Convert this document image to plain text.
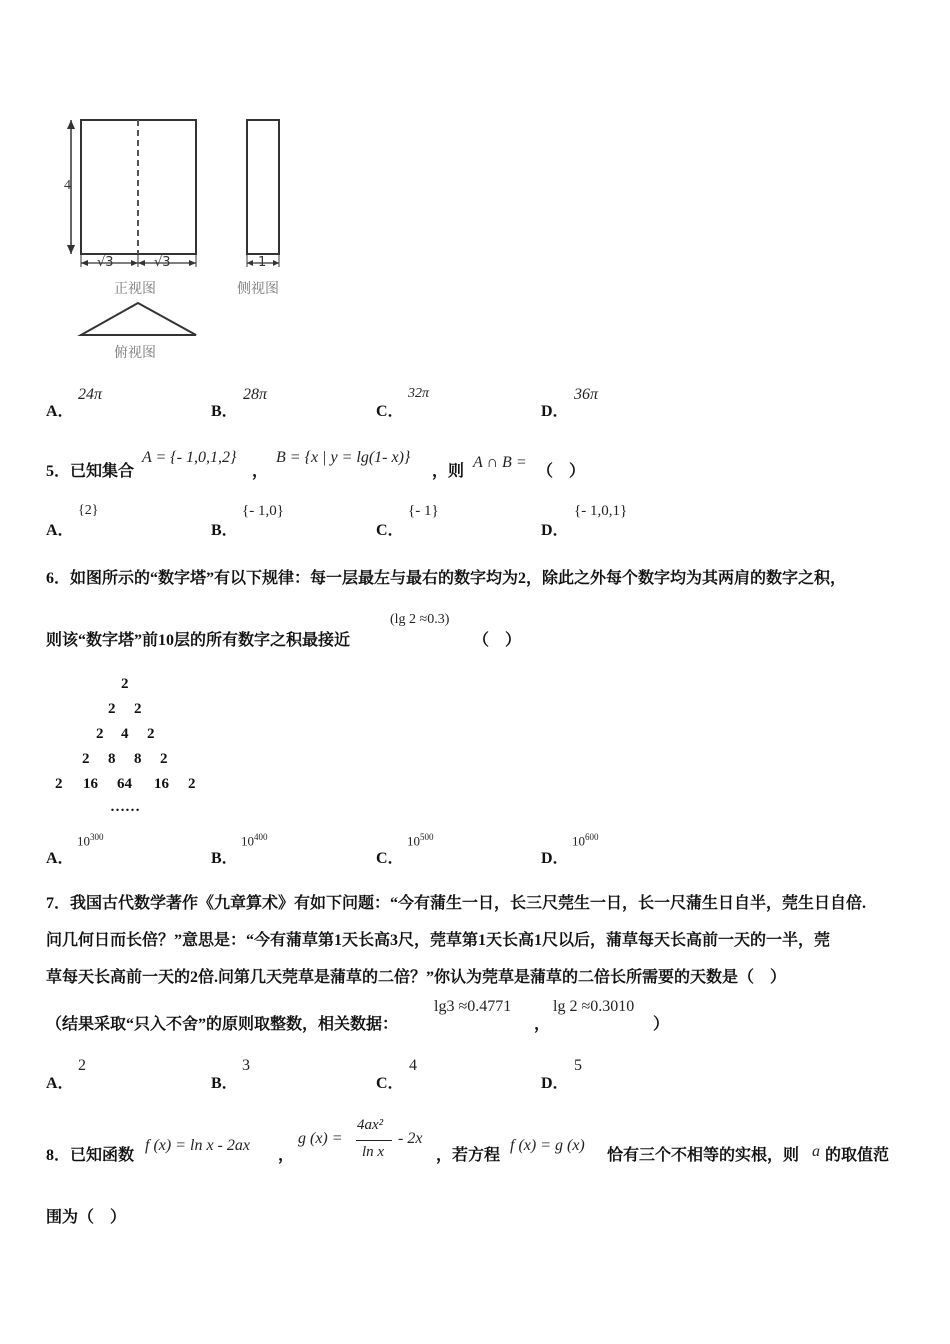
4
√3	√3	1
正视图	侧视图
俯视图
A．
24π
B．
28π
C．
32π
D．
36π
5．已知集合
A = {- 1,0,1,2}
，
B = {x | y = lg(1- x)}
，则
A ∩ B =
（　）
A．
{2}
B．
{- 1,0}
C．
{- 1}
D．
{- 1,0,1}
6．如图所示的“数字塔”有以下规律：每一层最左与最右的数字均为2，除此之外每个数字均为其两肩的数字之积，
则该“数字塔”前10层的所有数字之积最接近
(lg 2 ≈0.3)
（　）
2
2 2
2 4 2
2 8 8 2
2 16 64 16 2
……
A．
$10^{300}$
B．
$10^{400}$
C．
$10^{500}$
D．
$10^{600}$
7．我国古代数学著作《九章算术》有如下问题：“今有蒲生一日，长三尺莞生一日，长一尺蒲生日自半，莞生日自倍.
问几何日而长倍？”意思是：“今有蒲草第1天长高3尺，莞草第1天长高1尺以后，蒲草每天长高前一天的一半，莞
草每天长高前一天的2倍.问第几天莞草是蒲草的二倍？”你认为莞草是蒲草的二倍长所需要的天数是（　）
（结果采取“只入不舍”的原则取整数，相关数据：
lg3 ≈0.4771
，
lg 2 ≈0.3010
）
A．
2
B．
3
C．
4
D．
5
8．已知函数
f (x) = ln x - 2ax
，
g (x) =
4ax²
ln x
- 2x
，若方程
f (x) = g (x)
恰有三个不相等的实根，则 a 的取值范
围为（　）
